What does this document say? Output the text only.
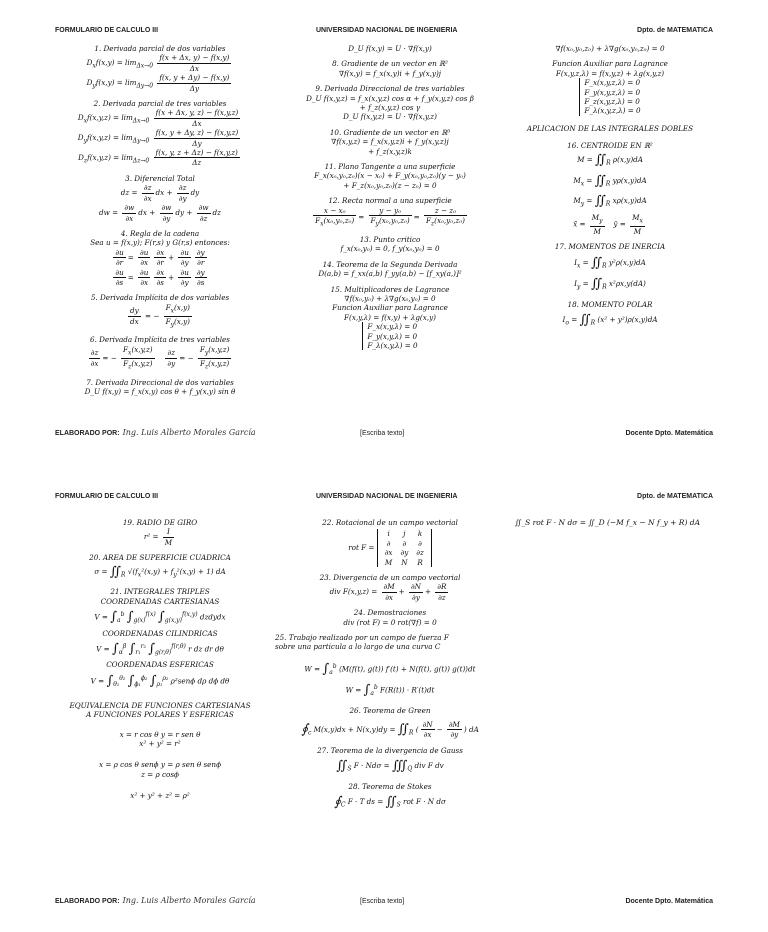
FORMULARIO DE CALCULO III	UNIVERSIDAD NACIONAL DE INGENIERIA	Dpto. de MATEMATICA
1. Derivada parcial de dos variables
$D_xf(x,y) = \lim_{\Delta x\to 0} \frac{f(x + \Delta x, y) - f(x,y)}{\Delta x}$
$D_yf(x,y) = \lim_{\Delta y\to 0} \frac{f(x, y + \Delta y) - f(x,y)}{\Delta y}$
2. Derivada parcial de tres variables
$D_xf(x,y,z) = \lim_{\Delta x\to 0} \frac{f(x + \Delta x, y, z) - f(x,y,z)}{\Delta x}$
$D_yf(x,y,z) = \lim_{\Delta y\to 0} \frac{f(x, y + \Delta y, z) - f(x,y,z)}{\Delta y}$
$D_zf(x,y,z) = \lim_{\Delta z\to 0} \frac{f(x, y, z + \Delta z) - f(x,y,z)}{\Delta z}$
3. Diferencial Total
dz = $\frac{\partial z}{\partial x}$ dx + $\frac{\partial z}{\partial y}$ dy
dw = $\frac{\partial w}{\partial x}$ dx + $\frac{\partial w}{\partial y}$ dy + $\frac{\partial w}{\partial z}$ dz
4. Regla de la cadena
Sea u = f(x,y); F(r,s) y G(r,s) entonces:
$\frac{\partial u}{\partial r} = \frac{\partial u}{\partial x} \frac{\partial x}{\partial r} + \frac{\partial u}{\partial y} \frac{\partial y}{\partial r}$
$\frac{\partial u}{\partial s} = \frac{\partial u}{\partial x} \frac{\partial x}{\partial s} + \frac{\partial u}{\partial y} \frac{\partial y}{\partial s}$
5. Derivada Implícita de dos variables
$\frac{dy}{dx}$ = − $\frac{F_x(x,y)}{F_y(x,y)}$
6. Derivada Implícita de tres variables
$\frac{\partial z}{\partial x}$ = − $\frac{F_x(x,y,z)}{F_z(x,y,z)}$
$\frac{\partial z}{\partial y}$ = − $\frac{F_y(x,y,z)}{F_z(x,y,z)}$
7. Derivada Direccional de dos variables
D_U f(x,y) = f_x(x,y) cos θ + f_y(x,y) sin θ
D_U f(x,y) = U · ∇f(x,y)
8. Gradiente de un vector en ℝ²
∇f(x,y) = f_x(x,y)i + f_y(x,y)j
9. Derivada Direccional de tres variables
D_U f(x,y,z) = f_x(x,y,z) cos α + f_y(x,y,z) cos β
+ f_z(x,y,z) cos γ
D_U f(x,y,z) = U · ∇f(x,y,z)
10. Gradiente de un vector en ℝ³
∇f(x,y,z) = f_x(x,y,z)i + f_y(x,y,z)j
+ f_z(x,y,z)k
11. Plano Tangente a una superficie
F_x(x₀,y₀,z₀)(x − x₀) + F_y(x₀,y₀,z₀)(y − y₀)
+ F_z(x₀,y₀,z₀)(z − z₀) = 0
12. Recta normal a una superficie
$\frac{\text{x − x₀}}{F_x(x_0,y_0,z_0)} = \frac{\text{y − y₀}}{F_y(x_0,y_0,z_0)} = \frac{\text{z − z₀}}{F_z(x_0,y_0,z_0)}$
13. Punto critico
f_x(x₀,y₀) = 0, f_y(x₀,y₀) = 0
14. Teorema de la Segunda Derivada
D(a,b) = f_xx(a,b) f_yy(a,b) − [f_xy(a,)]²
15. Multiplicadores de Lagrance
∇f(x₀,y₀) + λ∇g(x₀,y₀) = 0
Funcion Auxiliar para Lagrance
F(x,y,λ) = f(x,y) + λg(x,y)
F_x(x,y,λ) = 0
F_y(x,y,λ) = 0
F_λ(x,y,λ) = 0
∇f(x₀,y₀,z₀) + λ∇g(x₀,y₀,z₀) = 0
Funcion Auxiliar para Lagrance
F(x,y,z,λ) = f(x,y,z) + λg(x,y,z)
F_x(x,y,z,λ) = 0
F_y(x,y,z,λ) = 0
F_z(x,y,z,λ) = 0
F_λ(x,y,z,λ) = 0
APLICACION DE LAS INTEGRALES DOBLES
16. CENTROIDE EN ℝ²
$M = ∬_R$ ρ(x,y)dA
$M_x$ = $∬_R$ yρ(x,y)dA
$M_y$ = $∬_R$ xρ(x,y)dA
x̄ = $\frac{M_y}{M}$ ȳ = $\frac{M_x}{M}$
17. MOMENTOS DE INERCIA
$I_x$ = $∬_R$ y²ρ(x,y)dA
$I_y$ = $∬_R$ x²ρx,y(dA)
18. MOMENTO POLAR
$I_o$ = $∬_R$ (x² + y²)ρ(x,y)dA
ELABORADO POR: Ing. Luis Alberto Morales García	[Escriba texto]	Docente Dpto. Matemática
FORMULARIO DE CALCULO III	UNIVERSIDAD NACIONAL DE INGENIERIA	Dpto. de MATEMATICA
19. RADIO DE GIRO
$r^2 = \frac{I}{M}$
20. AREA DE SUPERFICIE CUADRICA
$\sigma = ∬_R$ $√(f_x^2(x,y) + f_y^2(x,y) + 1)$ dA
21. INTEGRALES TRIPLES
COORDENADAS CARTESIANAS
$V = \int_a^b$ $\int_{g(x)}^{f(x)}$ $\int_{g(x,y)}^{f(x,y)}$ dzdydx
COORDENADAS CILINDRICAS
$V = \int_\alpha^\beta$ $\int_{r_1}^{r_2}$ $\int_{g(r,\theta)}^{f(r,\theta)}$ r dz dr dθ
COORDENADAS ESFERICAS
$V = \int_{\theta_1}^{\theta_2}$ $\int_{\phi_1}^{\phi_2}$ $\int_{\rho_1}^{\rho_2}$ ρ²senϕ dρ dϕ dθ
EQUIVALENCIA DE FUNCIONES CARTESIANAS
A FUNCIONES POLARES Y ESFERICAS
x = r cos θ y = r sen θ
x² + y² = r²
x = ρ cos θ senϕ y = ρ sen θ senϕ
z = ρ cosϕ
x² + y² + z² = ρ²
22. Rotacional de un campo vectorial
rot F =
i	j	k
∂	∂	∂
∂x	∂y	∂z
M	N	R
23. Divergencia de un campo vectorial
div $F(x,y,z) = \frac{\partial M}{\partial x} + \frac{\partial N}{\partial y} + \frac{\partial R}{\partial z}$
24. Demostraciones
div (rot F) = 0 rot(∇f) = 0
25. Trabajo realizado por un campo de fuerza F
sobre una particula a lo largo de una curva C
$W = \int_a^b$ ⟨M(f(t), g(t)) f′(t) + N(f(t), g(t)) g(t)⟩dt
$W = \int_a^b$ F(R(t)) · R′(t)dt
26. Teorema de Green
$∮_c$ $M(x,y)dx + N(x,y)dy = ∬_R$ ( $\frac{\partial N}{\partial x} - \frac{\partial M}{\partial y}$ ) dA
27. Teorema de la divergencia de Gauss
$∬_S$ $F \cdot Nd\sigma = ∭_Q$ div F dv
28. Teorema de Stokes
$∮_C$ F · T ds = $∬_S$ rot F · N dσ
∬_S rot F · N dσ = ∬_D (−M f_x − N f_y + R) dA
ELABORADO POR: Ing. Luis Alberto Morales García	[Escriba texto]	Docente Dpto. Matemática
